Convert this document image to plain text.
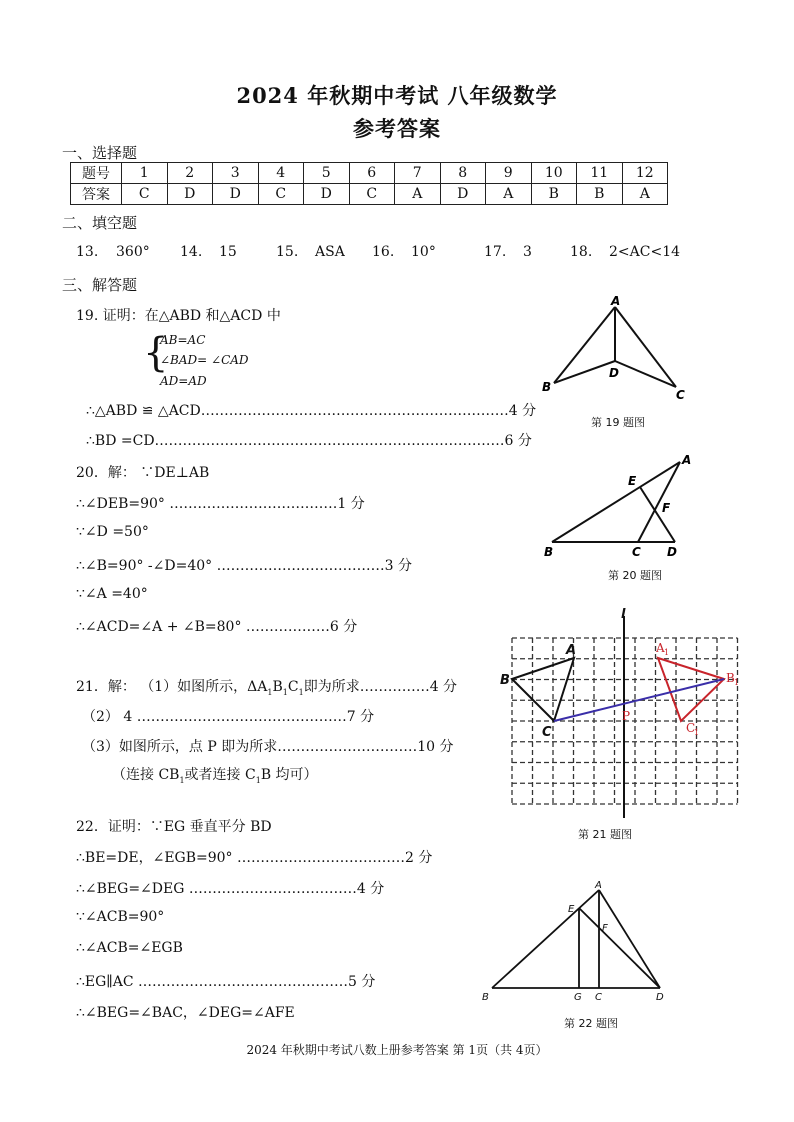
2024 年秋期中考试 八年级数学
参考答案
一、选择题
题号	1	2	3	4	5	6	7	8	9	10	11	12
答案	C	D	D	C	D	C	A	D	A	B	B	A
二、填空题
13. 360° 14. 15	15. ASA 16. 10°	17. 3	18. 2<AC<14
三、解答题
19. 证明：在△ABD 和△ACD 中
{
AB=AC
∠BAD= ∠CAD
AD=AD
∴△ABD ≌ △ACD…………………………………………………………4 分
∴BD =CD…………………………………………………………………6 分
A
B
C
D
第 19 题图
20．解： ∵DE⊥AB
∴∠DEB=90° ………………………………1 分
∵∠D =50°
∴∠B=90° -∠D=40° ………………………………3 分
∵∠A =40°
∴∠ACD=∠A + ∠B=80° ………………6 分
A
B	C D
E
F
第 20 题图
21．解： （1）如图所示，$\Delta A_1B_1C_1$即为所求……………4 分
（2） 4 ………………………………………7 分
（3）如图所示，点 P 即为所求…………………………10 分
（连接 $CB_1$或者连接 $C_1B$ 均可）
l
A
B
C
P
A 1
B 1
C
1
第 21 题图
22．证明：∵EG 垂直平分 BD
∴BE=DE，∠EGB=90° ………………………………2 分
∴∠BEG=∠DEG ………………………………4 分
∵∠ACB=90°
∴∠ACB=∠EGB
∴EG∥AC ………………………………………5 分
∴∠BEG=∠BAC，∠DEG=∠AFE
A
B	C	D
E
F
G
第 22 题图
2024 年秋期中考试八数上册参考答案 第 1页（共 4页）
